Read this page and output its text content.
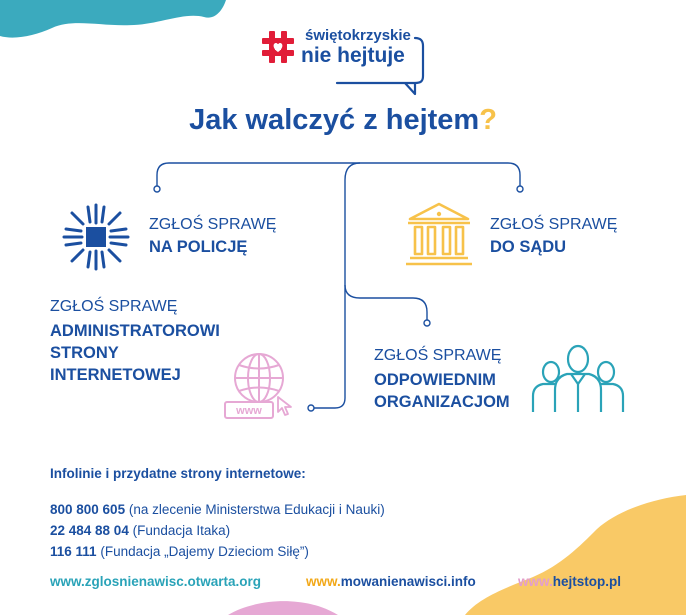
świętokrzyskie
nie hejtuje
Jak walczyć z hejtem?
ZGŁOŚ SPRAWĘ
NA POLICJĘ
ZGŁOŚ SPRAWĘ
DO SĄDU
ZGŁOŚ SPRAWĘ
ADMINISTRATOROWI
STRONY
INTERNETOWEJ
www
ZGŁOŚ SPRAWĘ
ODPOWIEDNIM
ORGANIZACJOM
Infolinie i przydatne strony internetowe:
800 800 605 (na zlecenie Ministerstwa Edukacji i Nauki)
22 484 88 04 (Fundacja Itaka)
116 111 (Fundacja „Dajemy Dzieciom Siłę”)
www.zglosnienawisc.otwarta.org	www.mowanienawisci.info	www.hejtstop.pl
